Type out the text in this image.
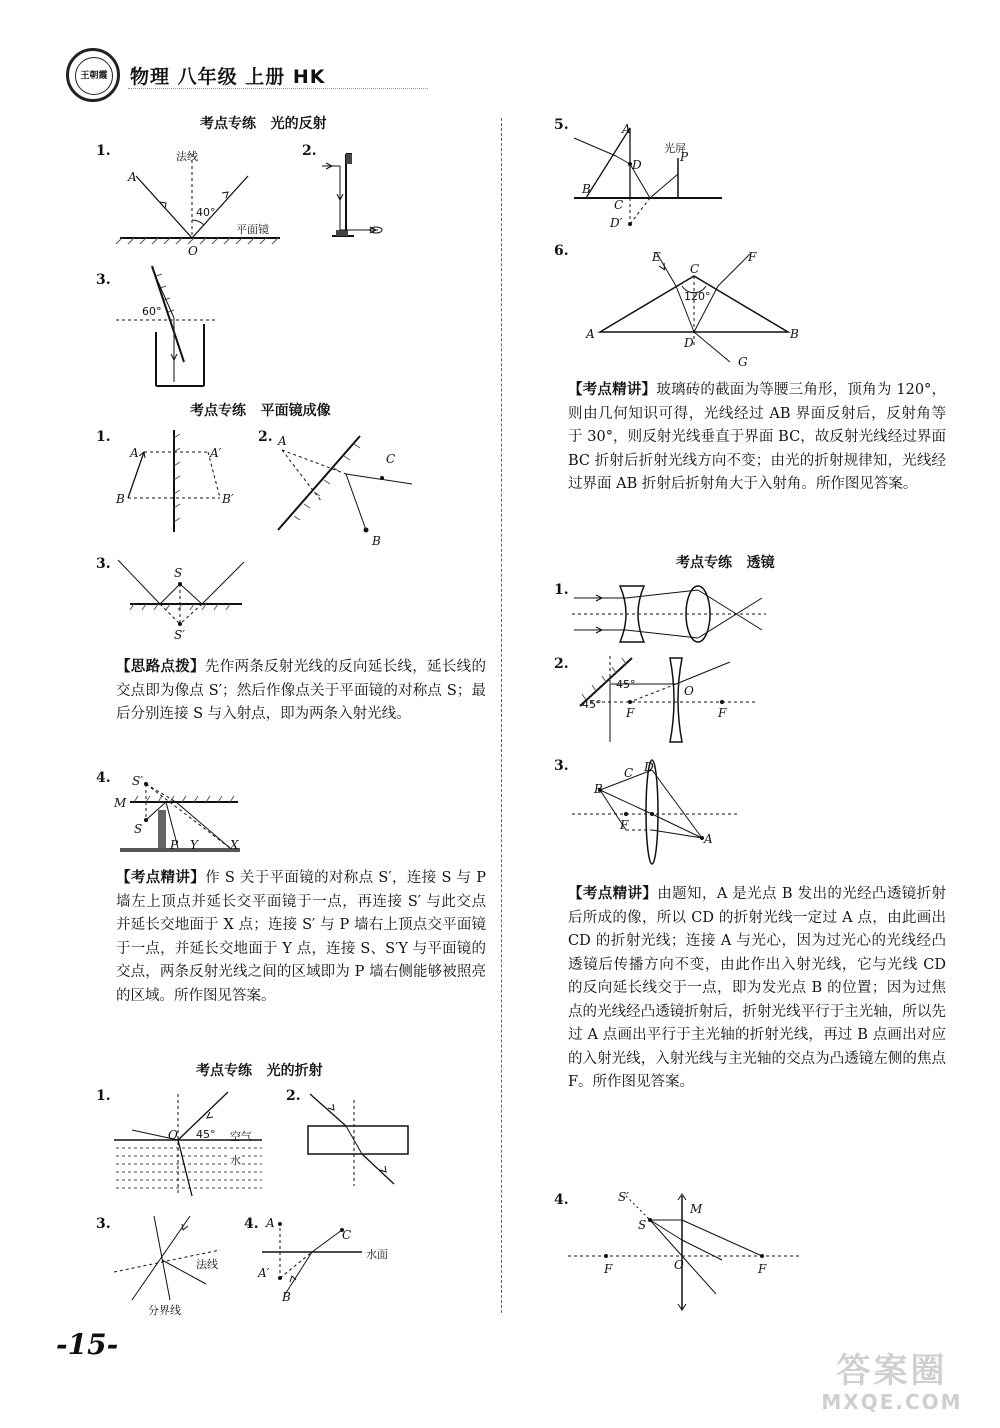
王朝霞 物理 八年级 上册 HK
考点专练   光的反射
1.	法线
A
40°
平面镜
O
2.
3.
60°
考点专练   平面镜成像
1.
A	A′
B	B′
2. A
C
B
3.
S
S′
【思路点拨】先作两条反射光线的反向延长线，延长线的交点即为像点 S′；然后作像点关于平面镜的对称点 S；最后分别连接 S 与入射点，即为两条入射光线。
4. S′
M
S
P Y	X
【考点精讲】作 S 关于平面镜的对称点 S′，连接 S 与 P 墙左上顶点并延长交平面镜于一点，再连接 S′ 与此交点并延长交地面于 X 点；连接 S′ 与 P 墙右上顶点交平面镜于一点，并延长交地面于 Y 点，连接 S、S′Y 与平面镜的交点，两条反射光线之间的区域即为 P 墙右侧能够被照亮的区域。所作图见答案。
考点专练   光的折射
1.
O 45° 空气
水
2.
3.
法线
分界线
4. A
C
水面
A′
B
5.	A
光屏
D
P
B
C
D′
6.	E	F
C
120°
A	B
D
G
【考点精讲】玻璃砖的截面为等腰三角形，顶角为 120°，则由几何知识可得，光线经过 AB 界面反射后，反射角等于 30°，则反射光线垂直于界面 BC，故反射光线经过界面 BC 折射后折射光线方向不变；由光的折射规律知，光线经过界面 AB 折射后折射角大于入射角。所作图见答案。
考点专练   透镜
1.
2.
45°
45°
O
F	F
3.	C D
B
F
A
【考点精讲】由题知，A 是光点 B 发出的光经凸透镜折射后所成的像，所以 CD 的折射光线一定过 A 点，由此画出 CD 的折射光线；连接 A 与光心，因为过光心的光线经凸透镜后传播方向不变，由此作出入射光线，它与光线 CD 的反向延长线交于一点，即为发光点 B 的位置；因为过焦点的光线经凸透镜折射后，折射光线平行于主光轴，所以先过 A 点画出平行于主光轴的折射光线，再过 B 点画出对应的入射光线，入射光线与主光轴的交点为凸透镜左侧的焦点 F。所作图见答案。
4.	S′
M
S
O
F	F
-15-
答案圈
MXQE.COM
